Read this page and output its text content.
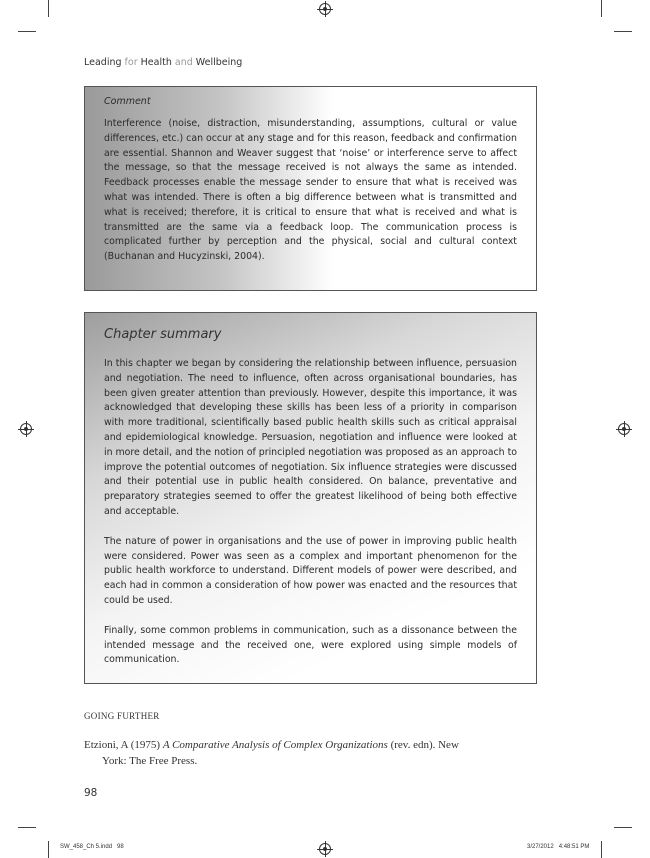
Leading for Health and Wellbeing
Comment

Interference (noise, distraction, misunderstanding, assumptions, cultural or value differences, etc.) can occur at any stage and for this reason, feedback and confirmation are essential. Shannon and Weaver suggest that ‘noise’ or interference serve to affect the message, so that the message received is not always the same as intended. Feedback processes enable the message sender to ensure that what is received was what was intended. There is often a big difference between what is transmitted and what is received; therefore, it is critical to ensure that what is received and what is transmitted are the same via a feedback loop. The communication process is complicated further by perception and the physical, social and cultural context (Buchanan and Hucyzinski, 2004).

Chapter summary

In this chapter we began by considering the relationship between influence, persuasion and negotiation. The need to influence, often across organisational boundaries, has been given greater attention than previously. However, despite this importance, it was acknowledged that developing these skills has been less of a priority in comparison with more traditional, scientifically based public health skills such as critical appraisal and epidemiological knowledge. Persuasion, negotiation and influence were looked at in more detail, and the notion of principled negotiation was proposed as an approach to improve the potential outcomes of negotiation. Six influence strategies were discussed and their potential use in public health considered. On balance, preventative and preparatory strategies seemed to offer the greatest likelihood of being both effective and acceptable.

The nature of power in organisations and the use of power in improving public health were considered. Power was seen as a complex and important phenomenon for the public health workforce to understand. Different models of power were described, and each had in common a consideration of how power was enacted and the resources that could be used.

Finally, some common problems in communication, such as a dissonance between the intended message and the received one, were explored using simple models of communication.

GOING FURTHER
Etzioni, A (1975) A Comparative Analysis of Complex Organizations (rev. edn). New York: The Free Press.
98
SW_458_Ch 5.indd   98	3/27/2012   4:48:51 PM
